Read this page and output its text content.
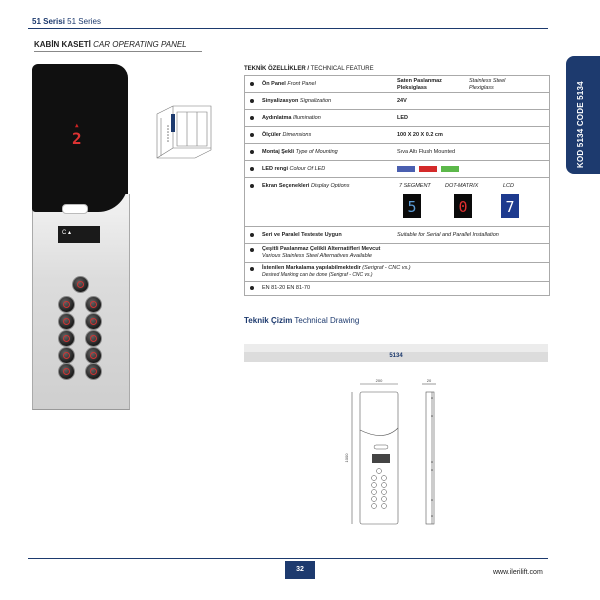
51 Serisi 51 Series
KABİN KASETİ CAR OPERATING PANEL
KOD 5134 CODE 5134
▲
2
C ▴
TEKNİK ÖZELLİKLER / TECHNICAL FEATURE
Ön Panel Front Panel	Saten Paslanmaz Pleksiglass
Stainless Steel Plexiglass
Sinyalizasyon Signalization	24V
Aydınlatma Illumination	LED
Ölçüler Dimensions	100 X 20 X 0.2 cm
Montaj Şekli Type of Mounting	Sıva Altı Flush Mounted
LED rengi Colour Of LED
Ekran Seçenekleri Display Options	7 SEGMENT	DOT-MATRIX	LCD
5	0	7
Seri ve Paralel Testeste Uygun	Suitable for Serial and Parallel Installation
Çeşitli Paslanmaz Çelikli Alternatifleri Mevcut
Various Stainless Steel Alternatives Available
İstenilen Markalama yapılabilmektedir (Serigraf - CNC vs.)
Desired Marking can be done (Serigraf - CNC vs.)
EN 81-20 EN 81-70
Teknik Çizim Technical Drawing
5134
200	20
1000
32	www.ilerilift.com
